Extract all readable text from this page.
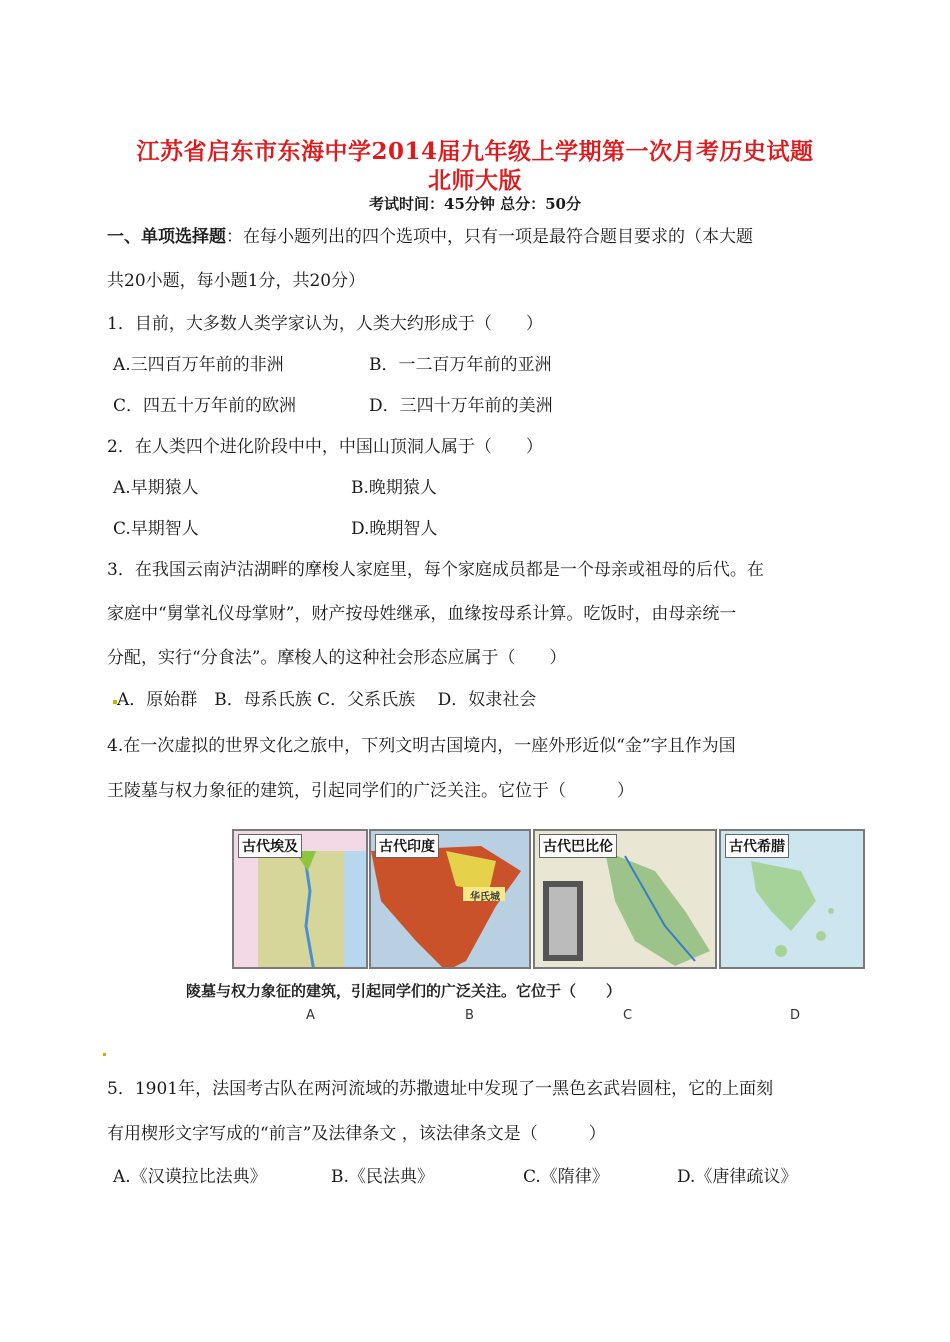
江苏省启东市东海中学2014届九年级上学期第一次月考历史试题
北师大版
考试时间：45分钟 总分：50分
一、单项选择题：在每小题列出的四个选项中，只有一项是最符合题目要求的（本大题
共20小题，每小题1分，共20分）
1．目前，大多数人类学家认为，人类大约形成于（　　）
A.三四百万年前的非洲	B．一二百万年前的亚洲
C．四五十万年前的欧洲	D．三四十万年前的美洲
2．在人类四个进化阶段中中，中国山顶洞人属于（　　）
A.早期猿人	B.晚期猿人
C.早期智人	D.晚期智人
3．在我国云南泸沽湖畔的摩梭人家庭里，每个家庭成员都是一个母亲或祖母的后代。在
家庭中“舅掌礼仪母掌财”，财产按母姓继承，血缘按母系计算。吃饭时，由母亲统一
分配，实行“分食法”。摩梭人的这种社会形态应属于（　　）
A．原始群　B．母系氏族 C．父系氏族　 D．奴隶社会
4.在一次虚拟的世界文化之旅中，下列文明古国境内，一座外形近似“金”字且作为国
王陵墓与权力象征的建筑，引起同学们的广泛关注。它位于（　　　）
古代埃及	古代印度
华氏城
古代巴比伦	古代希腊
陵墓与权力象征的建筑，引起同学们的广泛关注。它位于（　　）
A	B	C	D
5．1901年，法国考古队在两河流域的苏撒遗址中发现了一黑色玄武岩圆柱，它的上面刻
有用楔形文字写成的“前言”及法律条文 ，该法律条文是（　　　）
A.《汉谟拉比法典》	B.《民法典》	C.《隋律》	D.《唐律疏议》
